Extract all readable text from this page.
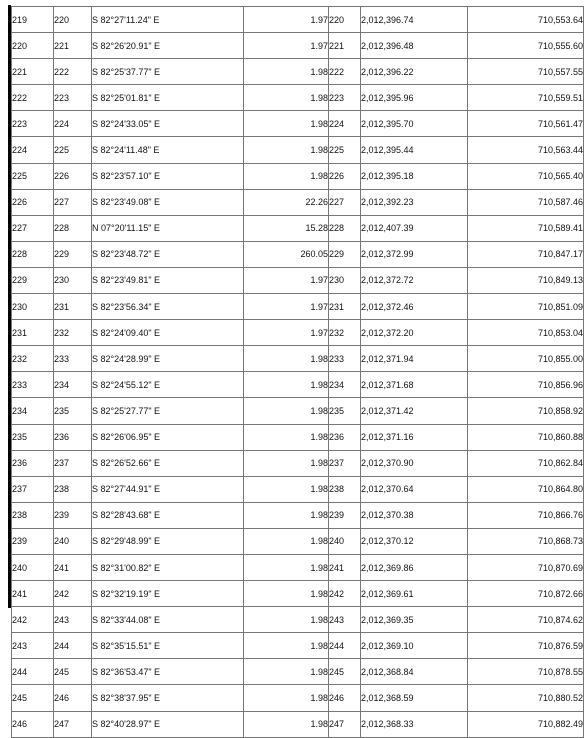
219	220	S 82°27'11.24" E	1.97	220	2,012,396.74	710,553.64
220	221	S 82°26'20.91" E	1.97	221	2,012,396.48	710,555.60
221	222	S 82°25'37.77" E	1.98	222	2,012,396.22	710,557.55
222	223	S 82°25'01.81" E	1.98	223	2,012,395.96	710,559.51
223	224	S 82°24'33.05" E	1.98	224	2,012,395.70	710,561.47
224	225	S 82°24'11.48" E	1.98	225	2,012,395.44	710,563.44
225	226	S 82°23'57.10" E	1.98	226	2,012,395.18	710,565.40
226	227	S 82°23'49.08" E	22.26	227	2,012,392.23	710,587.46
227	228	N 07°20'11.15" E	15.28	228	2,012,407.39	710,589.41
228	229	S 82°23'48.72" E	260.05	229	2,012,372.99	710,847.17
229	230	S 82°23'49.81" E	1.97	230	2,012,372.72	710,849.13
230	231	S 82°23'56.34" E	1.97	231	2,012,372.46	710,851.09
231	232	S 82°24'09.40" E	1.97	232	2,012,372.20	710,853.04
232	233	S 82°24'28.99" E	1.98	233	2,012,371.94	710,855.00
233	234	S 82°24'55.12" E	1.98	234	2,012,371.68	710,856.96
234	235	S 82°25'27.77" E	1.98	235	2,012,371.42	710,858.92
235	236	S 82°26'06.95" E	1.98	236	2,012,371.16	710,860.88
236	237	S 82°26'52.66" E	1.98	237	2,012,370.90	710,862.84
237	238	S 82°27'44.91" E	1.98	238	2,012,370.64	710,864.80
238	239	S 82°28'43.68" E	1.98	239	2,012,370.38	710,866.76
239	240	S 82°29'48.99" E	1.98	240	2,012,370.12	710,868.73
240	241	S 82°31'00.82" E	1.98	241	2,012,369.86	710,870.69
241	242	S 82°32'19.19" E	1.98	242	2,012,369.61	710,872.66
242	243	S 82°33'44.08" E	1.98	243	2,012,369.35	710,874.62
243	244	S 82°35'15.51" E	1.98	244	2,012,369.10	710,876.59
244	245	S 82°36'53.47" E	1.98	245	2,012,368.84	710,878.55
245	246	S 82°38'37.95" E	1.98	246	2,012,368.59	710,880.52
246	247	S 82°40'28.97" E	1.98	247	2,012,368.33	710,882.49
